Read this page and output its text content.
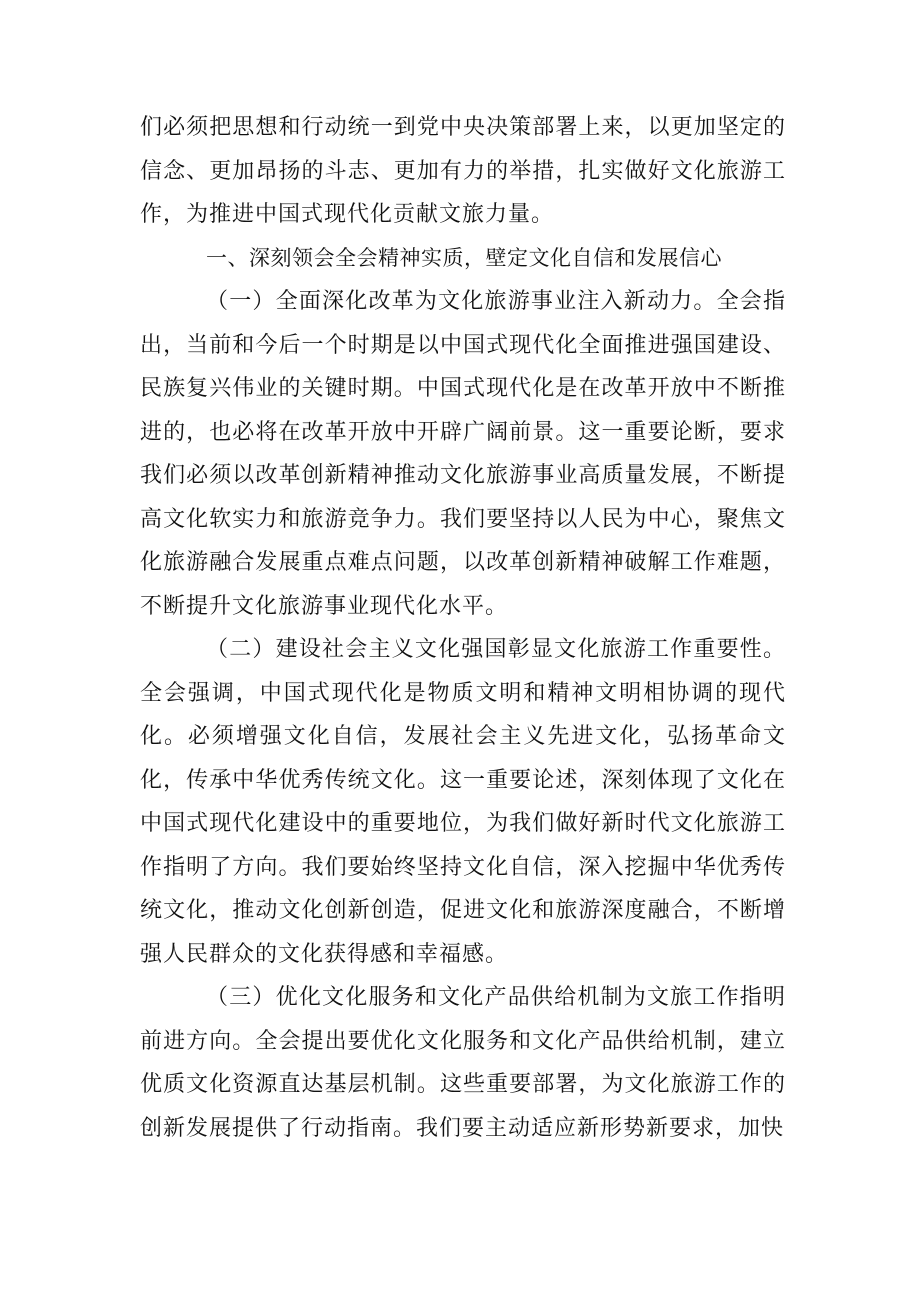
们必须把思想和行动统一到党中央决策部署上来，以更加坚定的信念、更加昂扬的斗志、更加有力的举措，扎实做好文化旅游工作，为推进中国式现代化贡献文旅力量。

一、深刻领会全会精神实质，壁定文化自信和发展信心

（一）全面深化改革为文化旅游事业注入新动力。全会指出，当前和今后一个时期是以中国式现代化全面推进强国建设、民族复兴伟业的关键时期。中国式现代化是在改革开放中不断推进的，也必将在改革开放中开辟广阔前景。这一重要论断，要求我们必须以改革创新精神推动文化旅游事业高质量发展，不断提高文化软实力和旅游竞争力。我们要坚持以人民为中心，聚焦文化旅游融合发展重点难点问题，以改革创新精神破解工作难题，不断提升文化旅游事业现代化水平。

（二）建设社会主义文化强国彰显文化旅游工作重要性。全会强调，中国式现代化是物质文明和精神文明相协调的现代化。必须增强文化自信，发展社会主义先进文化，弘扬革命文化，传承中华优秀传统文化。这一重要论述，深刻体现了文化在中国式现代化建设中的重要地位，为我们做好新时代文化旅游工作指明了方向。我们要始终坚持文化自信，深入挖掘中华优秀传统文化，推动文化创新创造，促进文化和旅游深度融合，不断增强人民群众的文化获得感和幸福感。

（三）优化文化服务和文化产品供给机制为文旅工作指明前进方向。全会提出要优化文化服务和文化产品供给机制，建立优质文化资源直达基层机制。这些重要部署，为文化旅游工作的创新发展提供了行动指南。我们要主动适应新形势新要求，加快
